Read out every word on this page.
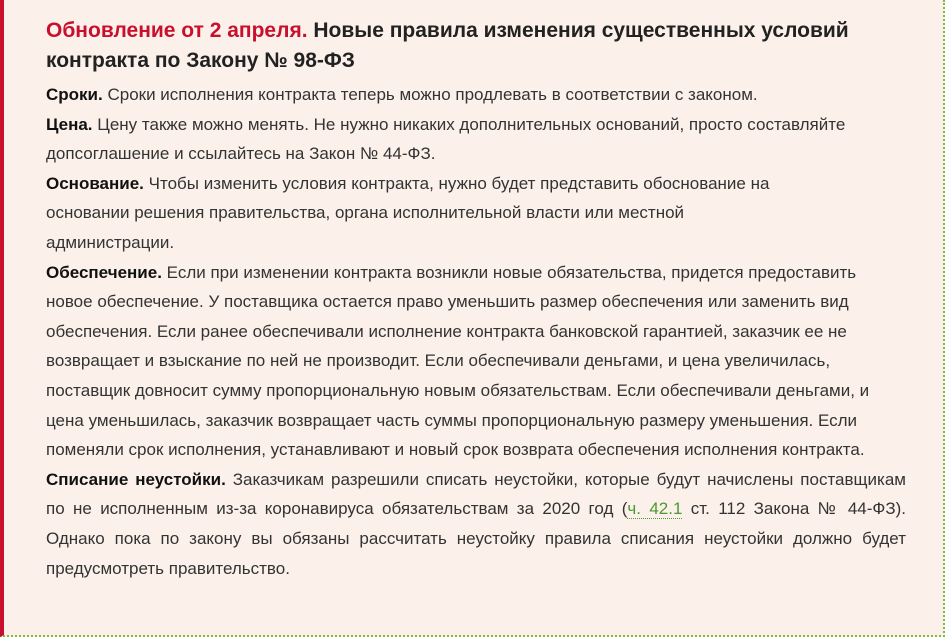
Обновление от 2 апреля. Новые правила изменения существенных условий контракта по Закону № 98-ФЗ

Сроки. Сроки исполнения контракта теперь можно продлевать в соответствии с законом.

Цена. Цену также можно менять. Не нужно никаких дополнительных оснований, просто составляйте допсоглашение и ссылайтесь на Закон № 44-ФЗ.

Основание. Чтобы изменить условия контракта, нужно будет представить обоснование на основании решения правительства, органа исполнительной власти или местной администрации.

Обеспечение. Если при изменении контракта возникли новые обязательства, придется предоставить новое обеспечение. У поставщика остается право уменьшить размер обеспечения или заменить вид обеспечения. Если ранее обеспечивали исполнение контракта банковской гарантией, заказчик ее не возвращает и взыскание по ней не производит. Если обеспечивали деньгами, и цена увеличилась, поставщик довносит сумму пропорциональную новым обязательствам. Если обеспечивали деньгами, и цена уменьшилась, заказчик возвращает часть суммы пропорциональную размеру уменьшения. Если поменяли срок исполнения, устанавливают и новый срок возврата обеспечения исполнения контракта.

Списание неустойки. Заказчикам разрешили списать неустойки, которые будут начислены поставщикам по не исполненным из-за коронавируса обязательствам за 2020 год (ч. 42.1 ст. 112 Закона № 44-ФЗ). Однако пока по закону вы обязаны рассчитать неустойку правила списания неустойки должно будет предусмотреть правительство.
